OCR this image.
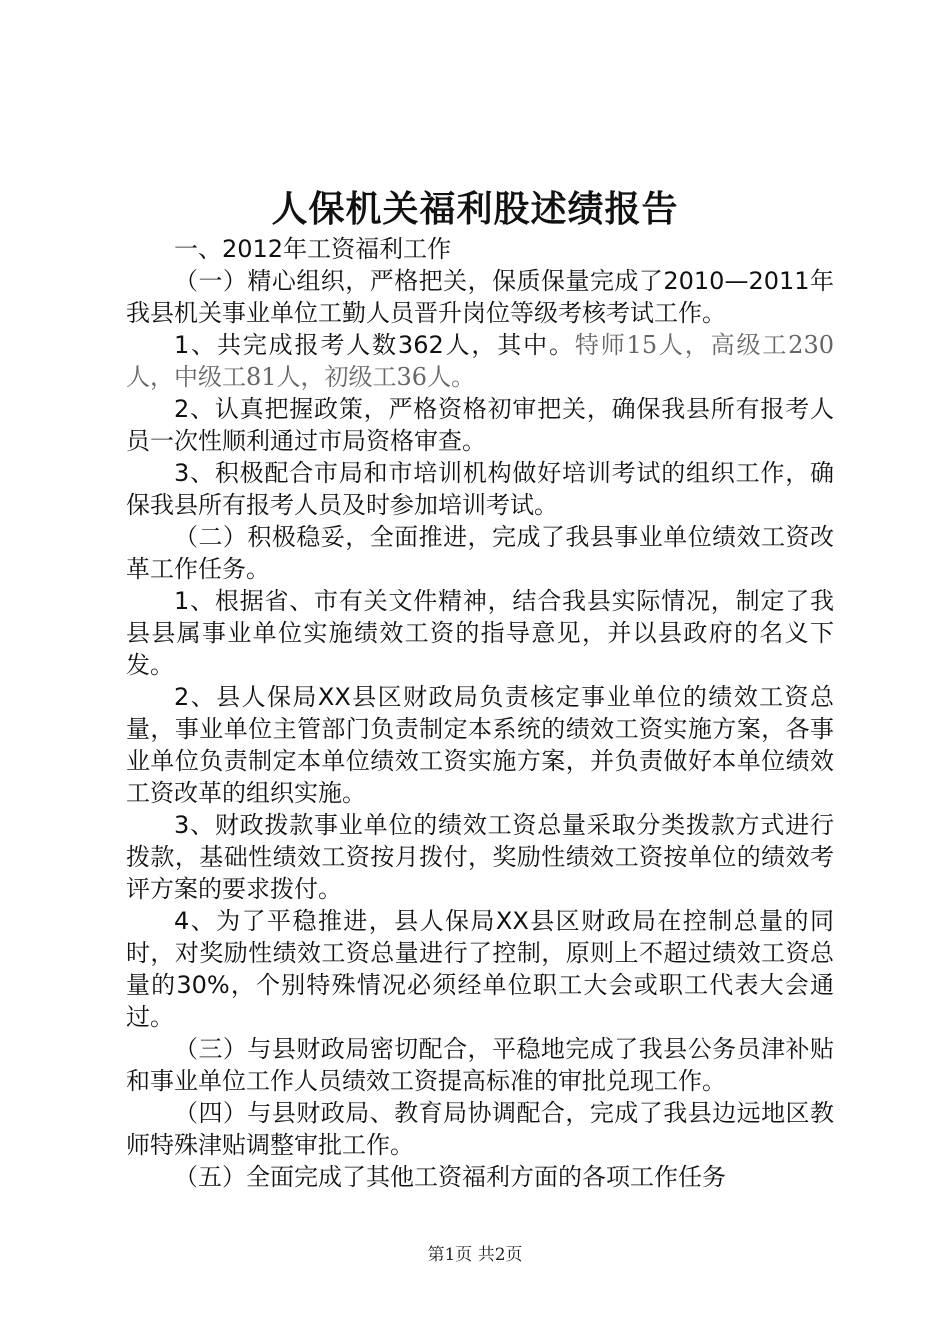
人保机关福利股述绩报告

一、2012年工资福利工作

（一）精心组织，严格把关，保质保量完成了2010—2011年我县机关事业单位工勤人员晋升岗位等级考核考试工作。

1、共完成报考人数362人，其中。特师15人，高级工230人，中级工81人，初级工36人。

2、认真把握政策，严格资格初审把关，确保我县所有报考人员一次性顺利通过市局资格审查。

3、积极配合市局和市培训机构做好培训考试的组织工作，确保我县所有报考人员及时参加培训考试。

（二）积极稳妥，全面推进，完成了我县事业单位绩效工资改革工作任务。

1、根据省、市有关文件精神，结合我县实际情况，制定了我县县属事业单位实施绩效工资的指导意见，并以县政府的名义下发。

2、县人保局XX县区财政局负责核定事业单位的绩效工资总量，事业单位主管部门负责制定本系统的绩效工资实施方案，各事业单位负责制定本单位绩效工资实施方案，并负责做好本单位绩效工资改革的组织实施。

3、财政拨款事业单位的绩效工资总量采取分类拨款方式进行拨款，基础性绩效工资按月拨付，奖励性绩效工资按单位的绩效考评方案的要求拨付。

4、为了平稳推进，县人保局XX县区财政局在控制总量的同时，对奖励性绩效工资总量进行了控制，原则上不超过绩效工资总量的30%，个别特殊情况必须经单位职工大会或职工代表大会通过。

（三）与县财政局密切配合，平稳地完成了我县公务员津补贴和事业单位工作人员绩效工资提高标准的审批兑现工作。

（四）与县财政局、教育局协调配合，完成了我县边远地区教师特殊津贴调整审批工作。

（五）全面完成了其他工资福利方面的各项工作任务

第1页 共2页
